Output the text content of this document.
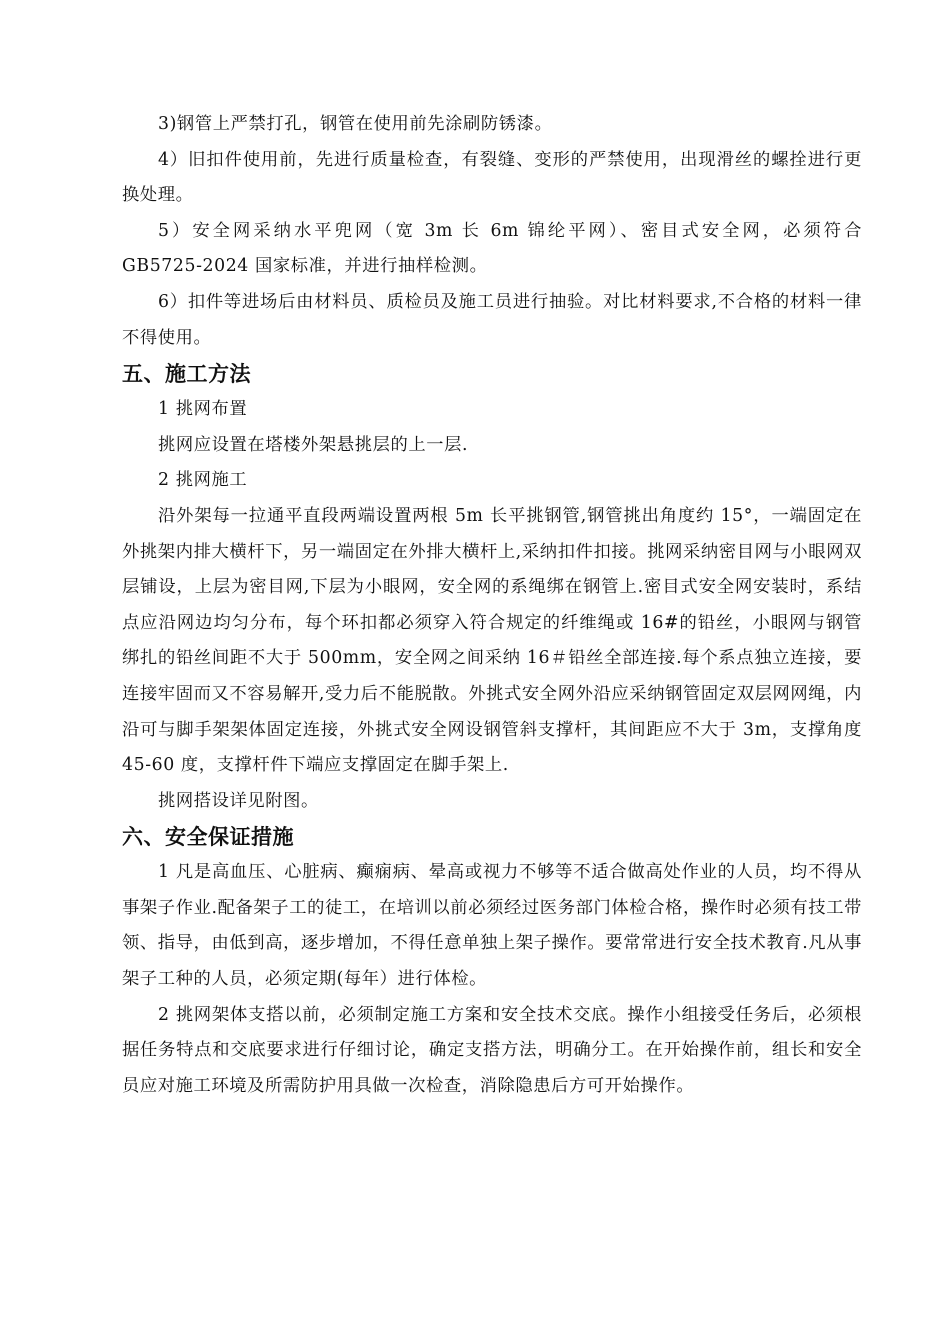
3)钢管上严禁打孔，钢管在使用前先涂刷防锈漆。

4）旧扣件使用前，先进行质量检查，有裂缝、变形的严禁使用，出现滑丝的螺拴进行更换处理。

5）安全网采纳水平兜网（宽 3m 长 6m 锦纶平网）、密目式安全网，必须符合 GB5725-2024 国家标准，并进行抽样检测。

6）扣件等进场后由材料员、质检员及施工员进行抽验。对比材料要求,不合格的材料一律不得使用。

五、施工方法

1 挑网布置

挑网应设置在塔楼外架悬挑层的上一层.

2 挑网施工

沿外架每一拉通平直段两端设置两根 5m 长平挑钢管,钢管挑出角度约 15°，一端固定在外挑架内排大横杆下，另一端固定在外排大横杆上,采纳扣件扣接。挑网采纳密目网与小眼网双层铺设，上层为密目网,下层为小眼网，安全网的系绳绑在钢管上.密目式安全网安装时，系结点应沿网边均匀分布，每个环扣都必须穿入符合规定的纤维绳或 16#的铅丝，小眼网与钢管绑扎的铅丝间距不大于 500mm，安全网之间采纳 16＃铅丝全部连接.每个系点独立连接，要连接牢固而又不容易解开,受力后不能脱散。外挑式安全网外沿应采纳钢管固定双层网网绳，内沿可与脚手架架体固定连接，外挑式安全网设钢管斜支撑杆，其间距应不大于 3m，支撑角度 45-60 度，支撑杆件下端应支撑固定在脚手架上.

挑网搭设详见附图。

六、安全保证措施

1 凡是高血压、心脏病、癫痫病、晕高或视力不够等不适合做高处作业的人员，均不得从事架子作业.配备架子工的徒工，在培训以前必须经过医务部门体检合格，操作时必须有技工带领、指导，由低到高，逐步增加，不得任意单独上架子操作。要常常进行安全技术教育.凡从事架子工种的人员，必须定期(每年）进行体检。

2 挑网架体支搭以前，必须制定施工方案和安全技术交底。操作小组接受任务后，必须根据任务特点和交底要求进行仔细讨论，确定支搭方法，明确分工。在开始操作前，组长和安全员应对施工环境及所需防护用具做一次检查，消除隐患后方可开始操作。
